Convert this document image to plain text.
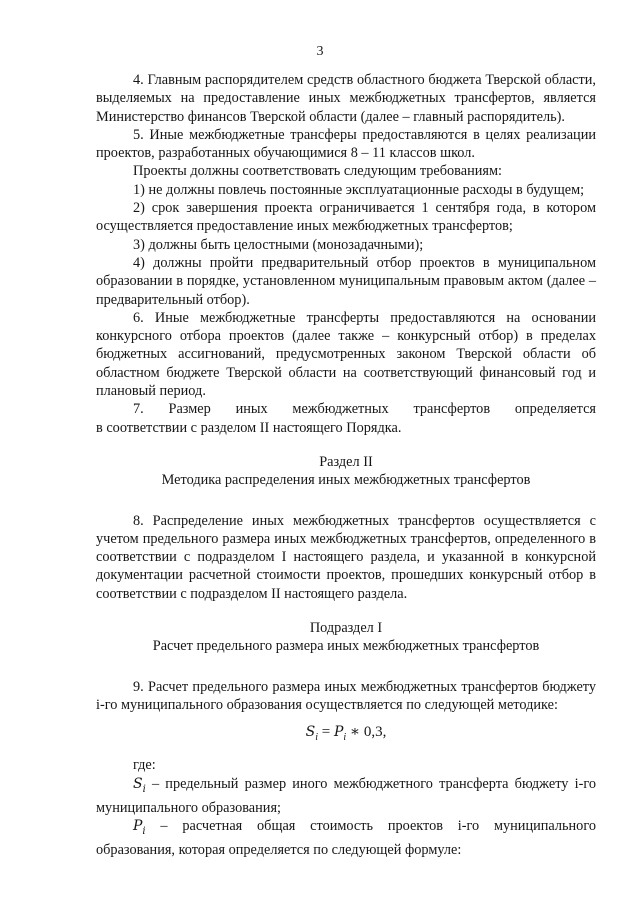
3

4. Главным распорядителем средств областного бюджета Тверской области, выделяемых на предоставление иных межбюджетных трансфертов, является Министерство финансов Тверской области (далее – главный распорядитель).

5. Иные межбюджетные трансферы предоставляются в целях реализации проектов, разработанных обучающимися 8 – 11 классов школ.

Проекты должны соответствовать следующим требованиям:

1) не должны повлечь постоянные эксплуатационные расходы в будущем;

2) срок завершения проекта ограничивается 1 сентября года, в котором осуществляется предоставление иных межбюджетных трансфертов;

3) должны быть целостными (монозадачными);

4) должны пройти предварительный отбор проектов в муниципальном образовании в порядке, установленном муниципальным правовым актом (далее – предварительный отбор).

6. Иные межбюджетные трансферты предоставляются на основании конкурсного отбора проектов (далее также – конкурсный отбор) в пределах бюджетных ассигнований, предусмотренных законом Тверской области об областном бюджете Тверской области на соответствующий финансовый год и плановый период.

7. Размер иных межбюджетных трансфертов определяется

в соответствии с разделом II настоящего Порядка.

Раздел II

Методика распределения иных межбюджетных трансфертов

8. Распределение иных межбюджетных трансфертов осуществляется с учетом предельного размера иных межбюджетных трансфертов, определенного в соответствии с подразделом I настоящего раздела, и указанной в конкурсной документации расчетной стоимости проектов, прошедших конкурсный отбор в соответствии с подразделом II настоящего раздела.

Подраздел I

Расчет предельного размера иных межбюджетных трансфертов

9. Расчет предельного размера иных межбюджетных трансфертов бюджету i-го муниципального образования осуществляется по следующей методике:

$S_i = P_i$ ∗ 0,3,

где:

$S_i$ – предельный размер иного межбюджетного трансферта бюджету i-го муниципального образования;

$P_i$ – расчетная общая стоимость проектов i-го муниципального образования, которая определяется по следующей формуле:
